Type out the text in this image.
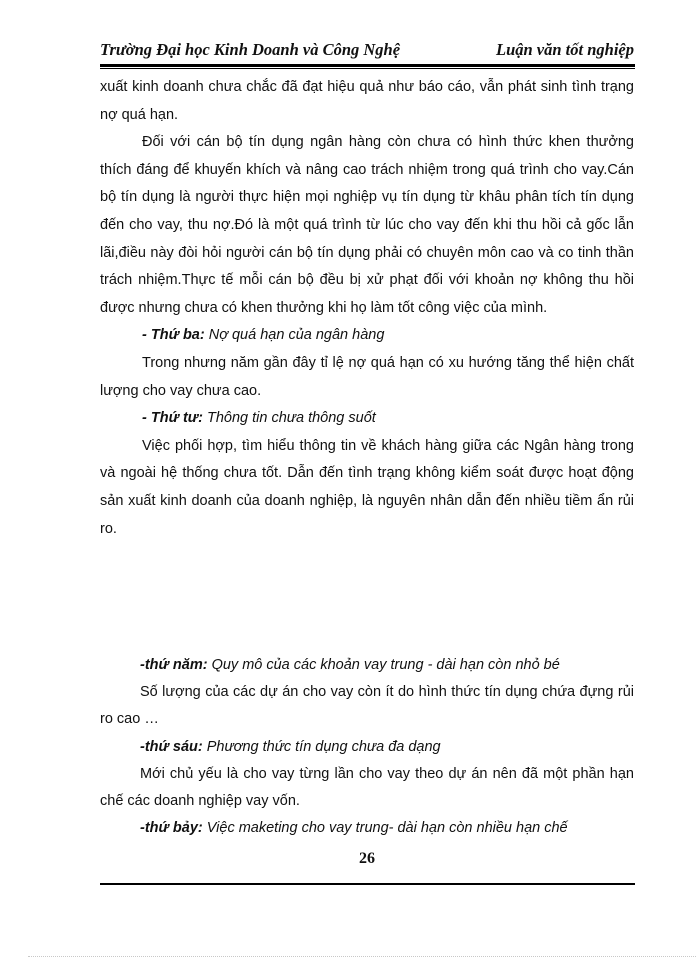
Trường Đại học Kinh Doanh và Công Nghệ	Luận văn tốt nghiệp

xuất kinh doanh chưa chắc đã đạt hiệu quả như báo cáo, vẫn phát sinh tình trạng nợ quá hạn.

Đối với cán bộ tín dụng ngân hàng còn chưa có hình thức khen thưởng thích đáng để khuyến khích và nâng cao trách nhiệm trong quá trình cho vay.Cán bộ tín dụng là người thực hiện mọi nghiệp vụ tín dụng từ khâu phân tích tín dụng đến cho vay, thu nợ.Đó là một quá trình từ lúc cho vay đến khi thu hồi cả gốc lẫn lãi,điều này đòi hỏi người cán bộ tín dụng phải có chuyên môn cao và co tinh thần trách nhiệm.Thực tế mỗi cán bộ đều bị xử phạt đối với khoản nợ không thu hồi được nhưng chưa có khen thưởng khi họ làm tốt công việc của mình.

- Thứ ba: Nợ quá hạn của ngân hàng

Trong nhưng năm gần đây tỉ lệ nợ quá hạn có xu hướng tăng thể hiện chất lượng cho vay chưa cao.

- Thứ tư: Thông tin chưa thông suốt

Việc phối hợp, tìm hiểu thông tin về khách hàng giữa các Ngân hàng trong và ngoài hệ thống chưa tốt. Dẫn đến tình trạng không kiểm soát được hoạt động sản xuất kinh doanh của doanh nghiệp, là nguyên nhân dẫn đến nhiều tiềm ẩn rủi ro.

-thứ năm: Quy mô của các khoản vay trung - dài hạn còn nhỏ bé

Số lượng của các dự án cho vay còn ít do hình thức tín dụng chứa đựng rủi ro cao …

-thứ sáu: Phương thức tín dụng chưa đa dạng

Mới chủ yếu là cho vay từng lần cho vay theo dự án nên đã một phần hạn chế các doanh nghiệp vay vốn.

-thứ bảy: Việc maketing cho vay trung- dài hạn còn nhiều hạn chế

26
